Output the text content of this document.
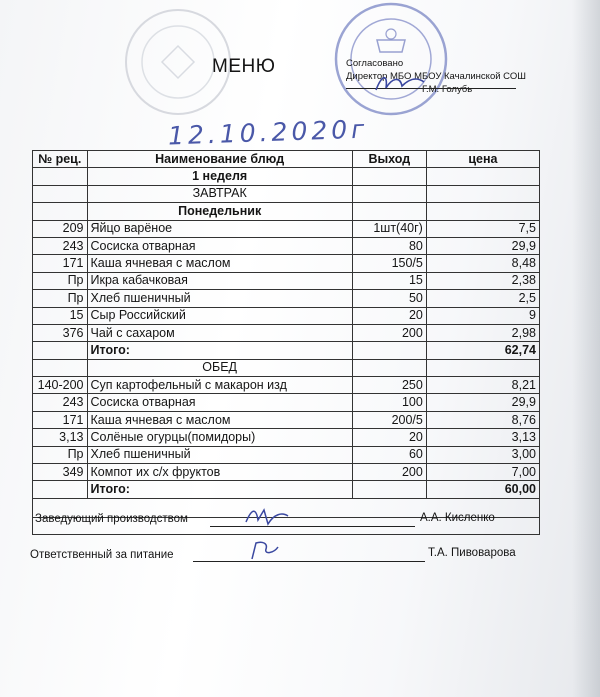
МЕНЮ	Согласовано
Директор МБО МБОУ Качалинской СОШ
Г.М. Голубь
12.10.2020г
№ рец.	Наименование блюд	Выход	цена
	1 неделя		
	ЗАВТРАК		
	Понедельник		
209	Яйцо варёное	1шт(40г)	7,5
243	Сосиска отварная	80	29,9
171	Каша ячневая с маслом	150/5	8,48
Пр	Икра кабачковая	15	2,38
Пр	Хлеб пшеничный	50	2,5
15	Сыр Российский	20	9
376	Чай с сахаром	200	2,98
	Итого:		62,74
	ОБЕД		
140-200	Суп картофельный с макарон изд	250	8,21
243	Сосиска отварная	100	29,9
171	Каша ячневая с маслом	200/5	8,76
3,13	Солёные огурцы(помидоры)	20	3,13
Пр	Хлеб пшеничный	60	3,00
349	Компот их с/х фруктов	200	7,00
	Итого:		60,00

Заведующий производством	А.А. Кисленко
Ответственный за питание	Т.А. Пивоварова
